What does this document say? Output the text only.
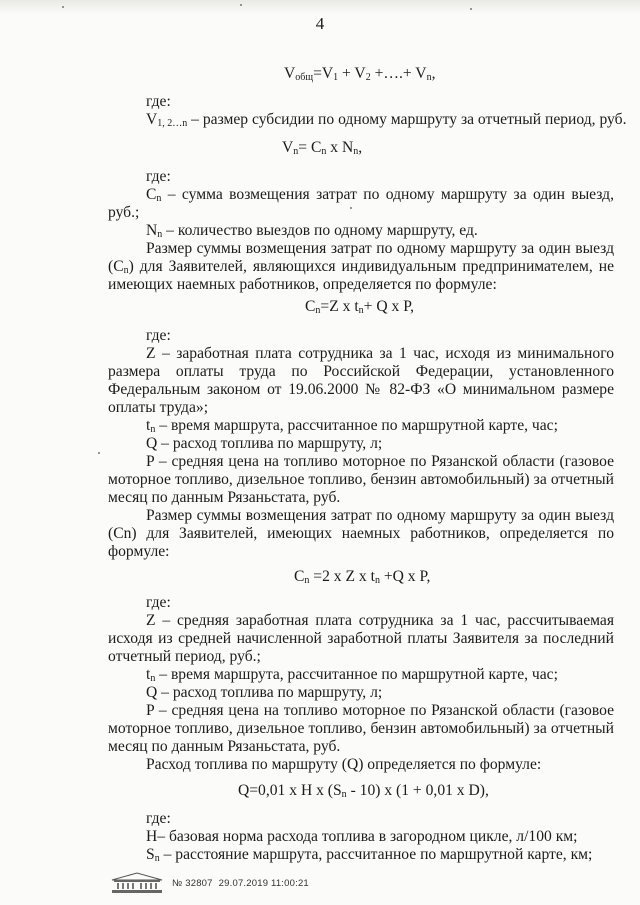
4
$V_{общ}=V_1 + V_2$ +….+ $V_n$,
где:
$V_{1, 2\dots n}$ – размер субсидии по одному маршруту за отчетный период, руб.
$V_n= C_n$ x $N_n$,
где:
$C_n$ – сумма возмещения затрат по одному маршруту за один выезд,
руб.;
$N_n$ – количество выездов по одному маршруту, ед.
Размер суммы возмещения затрат по одному маршруту за один выезд
$(C_n)$ для Заявителей, являющихся индивидуальным предпринимателем, не
имеющих наемных работников, определяется по формуле:
$C_n=Z$ x $t_n+ Q$ x P,
где:
Z – заработная плата сотрудника за 1 час, исходя из минимального
размера оплаты труда по Российской Федерации, установленного
Федеральным законом от 19.06.2000 № 82-ФЗ «О минимальном размере
оплаты труда»;
$t_n$ – время маршрута, рассчитанное по маршрутной карте, час;
Q – расход топлива по маршруту, л;
P – средняя цена на топливо моторное по Рязанской области (газовое
моторное топливо, дизельное топливо, бензин автомобильный) за отчетный
месяц по данным Рязаньстата, руб.
Размер суммы возмещения затрат по одному маршруту за один выезд
(Cn) для Заявителей, имеющих наемных работников, определяется по
формуле:
$C_n =2$ x Z x $t_n +Q$ x P,
где:
Z – средняя заработная плата сотрудника за 1 час, рассчитываемая
исходя из средней начисленной заработной платы Заявителя за последний
отчетный период, руб.;
$t_n$ – время маршрута, рассчитанное по маршрутной карте, час;
Q – расход топлива по маршруту, л;
P – средняя цена на топливо моторное по Рязанской области (газовое
моторное топливо, дизельное топливо, бензин автомобильный) за отчетный
месяц по данным Рязаньстата, руб.
Расход топлива по маршруту (Q) определяется по формуле:
Q=0,01 x H x $(S_n - 10)$ x (1 + 0,01 x D),
где:
H– базовая норма расхода топлива в загородном цикле, л/100 км;
$S_n$ – расстояние маршрута, рассчитанное по маршрутной карте, км;
№ 32807 29.07.2019 11:00:21
